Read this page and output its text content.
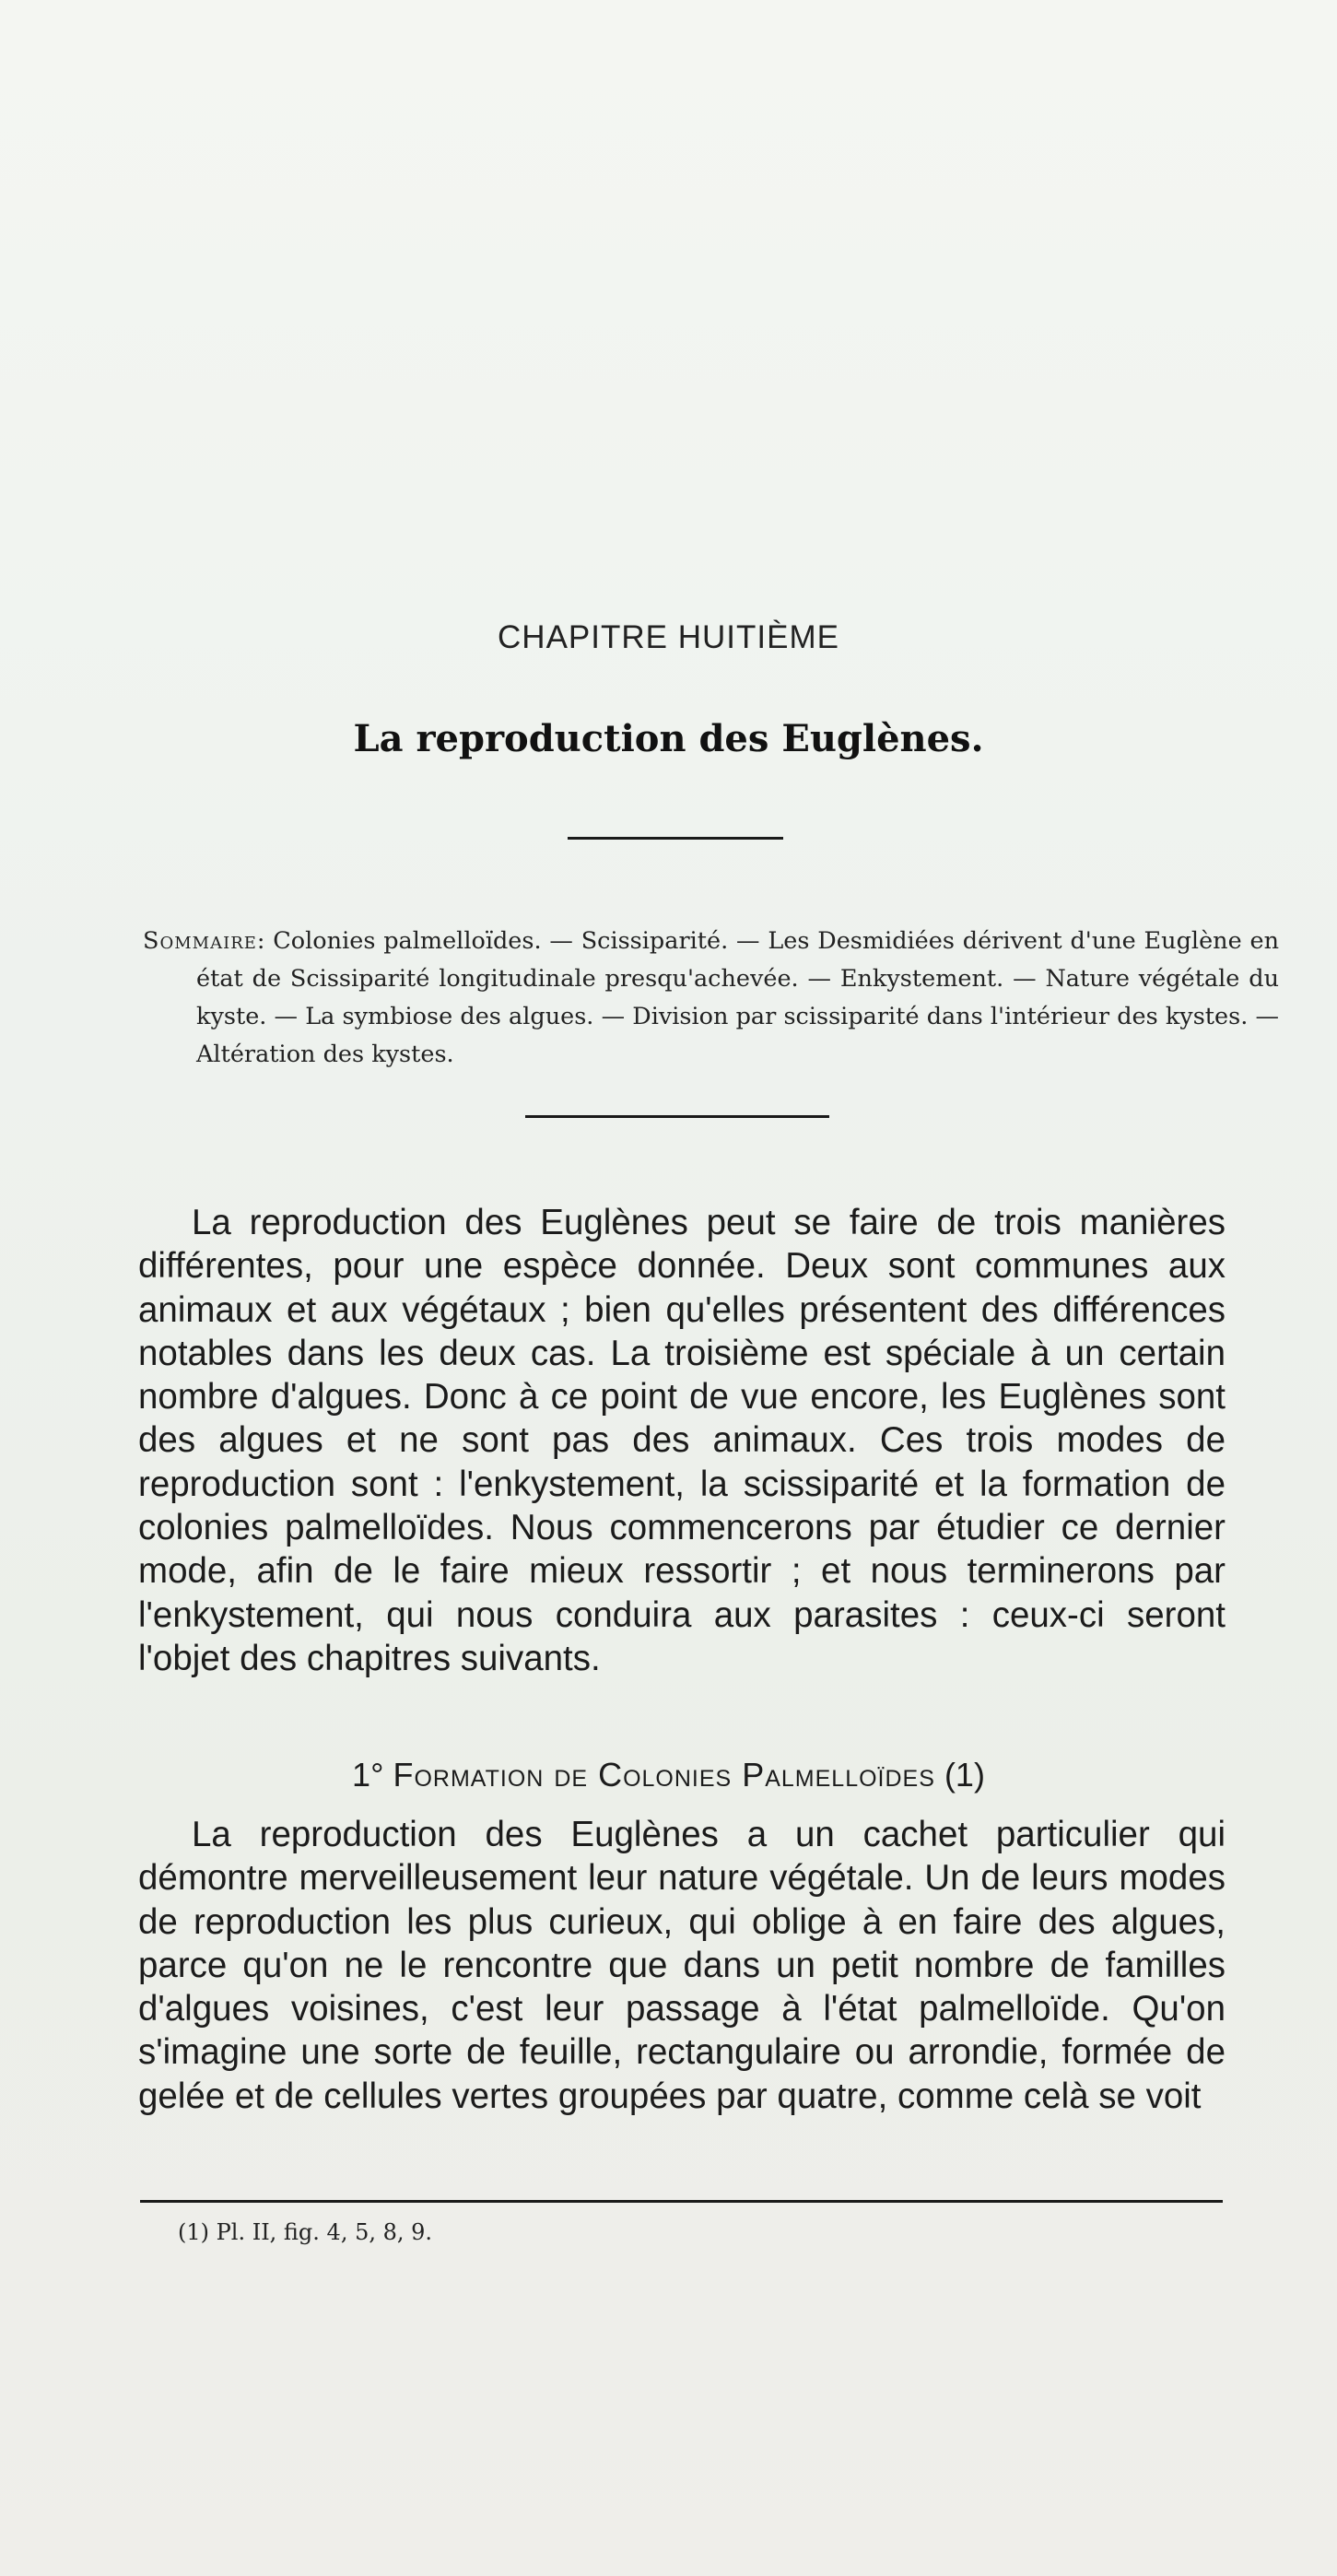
CHAPITRE HUITIÈME
La reproduction des Euglènes.
Sommaire: Colonies palmelloïdes. — Scissiparité. — Les Desmidiées dérivent d'une Euglène en état de Scissiparité longitudinale presqu'achevée. — Enkystement. — Nature végétale du kyste. — La symbiose des algues. — Division par scissiparité dans l'intérieur des kystes. — Altération des kystes.
La reproduction des Euglènes peut se faire de trois manières différentes, pour une espèce donnée. Deux sont communes aux animaux et aux végétaux ; bien qu'elles présentent des différences notables dans les deux cas. La troisième est spéciale à un certain nombre d'algues. Donc à ce point de vue encore, les Euglènes sont des algues et ne sont pas des animaux. Ces trois modes de reproduction sont : l'enkystement, la scissiparité et la formation de colonies palmelloïdes. Nous commencerons par étudier ce dernier mode, afin de le faire mieux ressortir ; et nous terminerons par l'enkystement, qui nous conduira aux parasites : ceux-ci seront l'objet des chapitres suivants.
1° Formation de Colonies Palmelloïdes (1)
La reproduction des Euglènes a un cachet particulier qui démontre merveilleusement leur nature végétale. Un de leurs modes de reproduction les plus curieux, qui oblige à en faire des algues, parce qu'on ne le rencontre que dans un petit nombre de familles d'algues voisines, c'est leur passage à l'état palmelloïde. Qu'on s'imagine une sorte de feuille, rectangulaire ou arrondie, formée de gelée et de cellules vertes groupées par quatre, comme celà se voit
(1) Pl. II, fig. 4, 5, 8, 9.
